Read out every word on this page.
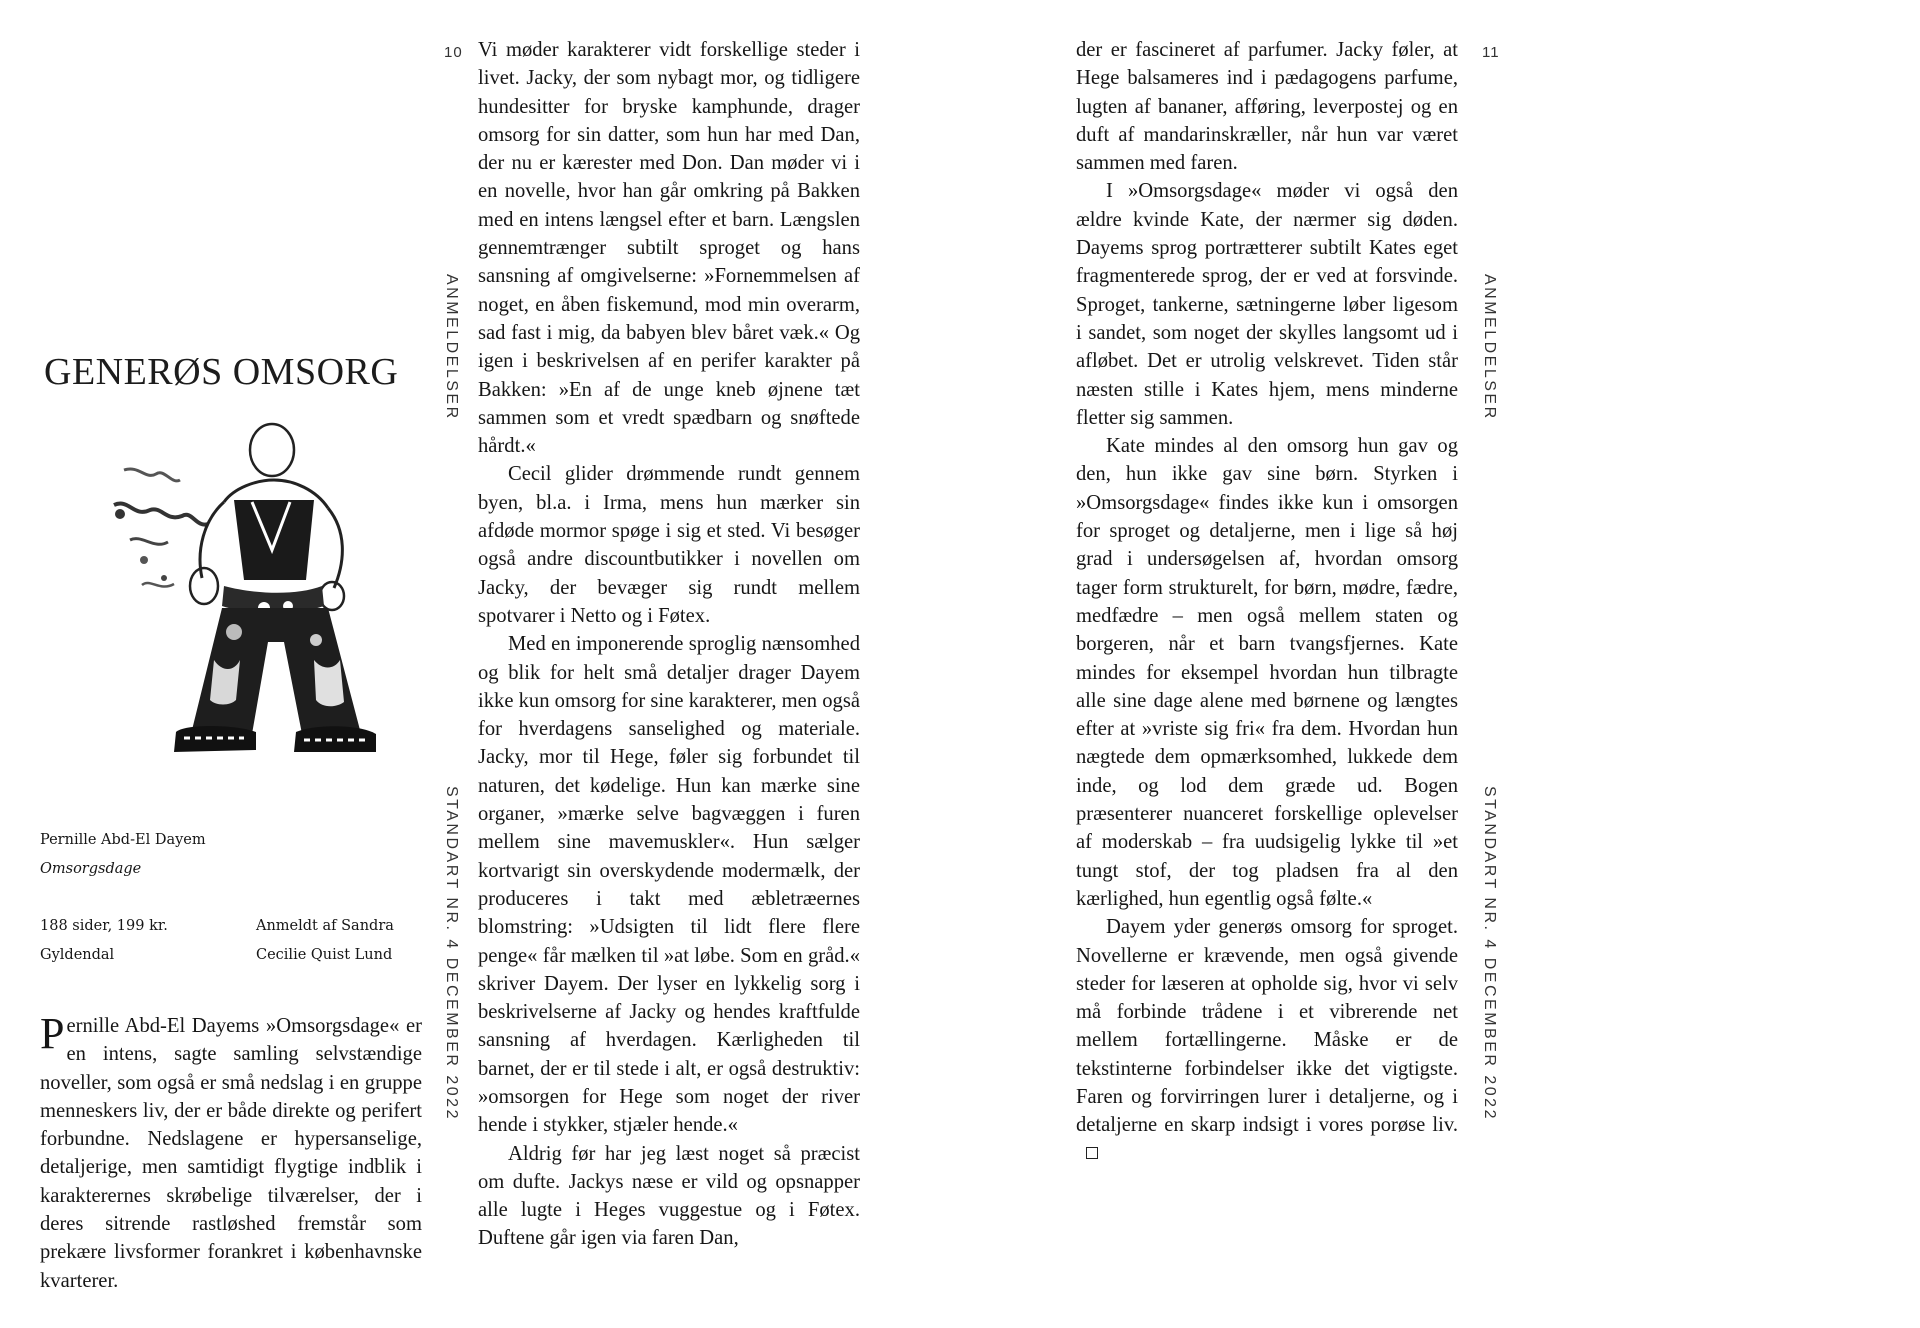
GENERØS OMSORG
Pernille Abd-El Dayem
Omsorgsdage
188 sider, 199 kr.
Gyldendal
Anmeldt af Sandra
Cecilie Quist Lund

Pernille Abd-El Dayems »Omsorgsdage« er en intens, sagte samling selvstændige noveller, som også er små nedslag i en gruppe menneskers liv, der er både direkte og perifert forbundne. Nedslagene er hypersanselige, detaljerige, men samtidigt flygtige indblik i karakterernes skrøbelige tilværelser, der i deres sitrende rastløshed fremstår som prekære livsformer forankret i københavnske kvarterer.

10
ANMELDELSER
STANDART NR. 4 DECEMBER 2022

Vi møder karakterer vidt forskellige steder i livet. Jacky, der som nybagt mor, og tidligere hundesitter for bryske kamphunde, drager omsorg for sin datter, som hun har med Dan, der nu er kærester med Don. Dan møder vi i en novelle, hvor han går omkring på Bakken med en intens længsel efter et barn. Længslen gennemtrænger subtilt sproget og hans sansning af omgivelserne: »Fornemmelsen af noget, en åben fiskemund, mod min overarm, sad fast i mig, da babyen blev båret væk.« Og igen i beskrivelsen af en perifer karakter på Bakken: »En af de unge kneb øjnene tæt sammen som et vredt spædbarn og snøftede hårdt.«

Cecil glider drømmende rundt gennem byen, bl.a. i Irma, mens hun mærker sin afdøde mormor spøge i sig et sted. Vi besøger også andre discountbutikker i novellen om Jacky, der bevæger sig rundt mellem spotvarer i Netto og i Føtex.

Med en imponerende sproglig nænsomhed og blik for helt små detaljer drager Dayem ikke kun omsorg for sine karakterer, men også for hverdagens sanselighed og materiale. Jacky, mor til Hege, føler sig forbundet til naturen, det kødelige. Hun kan mærke sine organer, »mærke selve bagvæggen i furen mellem sine mavemuskler«. Hun sælger kortvarigt sin overskydende modermælk, der produceres i takt med æbletræernes blomstring: »Udsigten til lidt flere flere penge« får mælken til »at løbe. Som en gråd.« skriver Dayem. Der lyser en lykkelig sorg i beskrivelserne af Jacky og hendes kraftfulde sansning af hverdagen. Kærligheden til barnet, der er til stede i alt, er også destruktiv: »omsorgen for Hege som noget der river hende i stykker, stjæler hende.«

Aldrig før har jeg læst noget så præcist om dufte. Jackys næse er vild og opsnapper alle lugte i Heges vuggestue og i Føtex. Duftene går igen via faren Dan,

der er fascineret af parfumer. Jacky føler, at Hege balsameres ind i pædagogens parfume, lugten af bananer, afføring, leverpostej og en duft af mandarinskræller, når hun var været sammen med faren.

I »Omsorgsdage« møder vi også den ældre kvinde Kate, der nærmer sig døden. Dayems sprog portrætterer subtilt Kates eget fragmenterede sprog, der er ved at forsvinde. Sproget, tankerne, sætningerne løber ligesom i sandet, som noget der skylles langsomt ud i afløbet. Det er utrolig velskrevet. Tiden står næsten stille i Kates hjem, mens minderne fletter sig sammen.

Kate mindes al den omsorg hun gav og den, hun ikke gav sine børn. Styrken i »Omsorgsdage« findes ikke kun i omsorgen for sproget og detaljerne, men i lige så høj grad i undersøgelsen af, hvordan omsorg tager form strukturelt, for børn, mødre, fædre, medfædre – men også mellem staten og borgeren, når et barn tvangsfjernes. Kate mindes for eksempel hvordan hun tilbragte alle sine dage alene med børnene og længtes efter at »vriste sig fri« fra dem. Hvordan hun nægtede dem opmærksomhed, lukkede dem inde, og lod dem græde ud. Bogen præsenterer nuanceret forskellige oplevelser af moderskab – fra uudsigelig lykke til »et tungt stof, der tog pladsen fra al den kærlighed, hun egentlig også følte.«

Dayem yder generøs omsorg for sproget. Novellerne er krævende, men også givende steder for læseren at opholde sig, hvor vi selv må forbinde trådene i et vibrerende net mellem fortællingerne. Måske er de tekstinterne forbindelser ikke det vigtigste. Faren og forvirringen lurer i detaljerne, og i detaljerne en skarp indsigt i vores porøse liv.

11
ANMELDELSER
STANDART NR. 4 DECEMBER 2022
